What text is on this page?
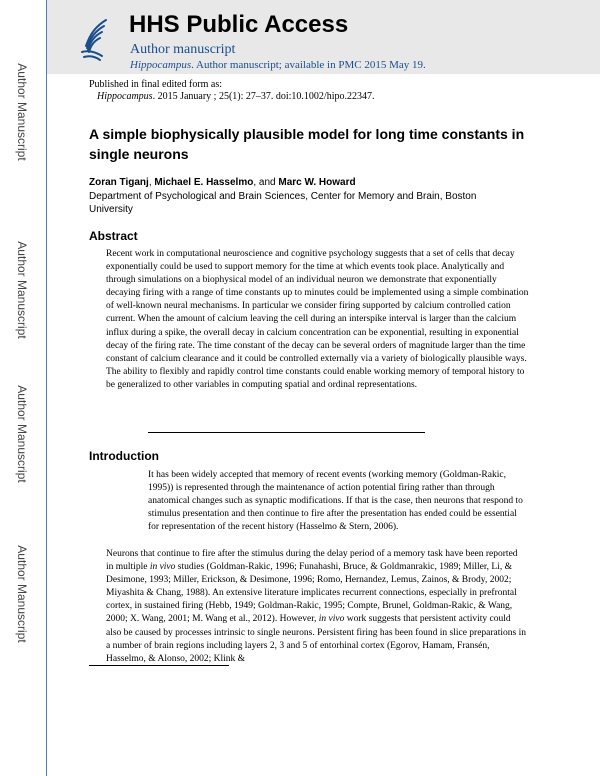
Author Manuscript
Author Manuscript
Author Manuscript
Author Manuscript
HHS Public Access
Author manuscript
Hippocampus. Author manuscript; available in PMC 2015 May 19.
Published in final edited form as:
Hippocampus. 2015 January ; 25(1): 27–37. doi:10.1002/hipo.22347.
A simple biophysically plausible model for long time constants in single neurons
Zoran Tiganj, Michael E. Hasselmo, and Marc W. Howard
Department of Psychological and Brain Sciences, Center for Memory and Brain, Boston University
Abstract

Recent work in computational neuroscience and cognitive psychology suggests that a set of cells that decay exponentially could be used to support memory for the time at which events took place. Analytically and through simulations on a biophysical model of an individual neuron we demonstrate that exponentially decaying firing with a range of time constants up to minutes could be implemented using a simple combination of well-known neural mechanisms. In particular we consider firing supported by calcium controlled cation current. When the amount of calcium leaving the cell during an interspike interval is larger than the calcium influx during a spike, the overall decay in calcium concentration can be exponential, resulting in exponential decay of the firing rate. The time constant of the decay can be several orders of magnitude larger than the time constant of calcium clearance and it could be controlled externally via a variety of biologically plausible ways. The ability to flexibly and rapidly control time constants could enable working memory of temporal history to be generalized to other variables in computing spatial and ordinal representations.

Introduction

It has been widely accepted that memory of recent events (working memory (Goldman-Rakic, 1995)) is represented through the maintenance of action potential firing rather than through anatomical changes such as synaptic modifications. If that is the case, then neurons that respond to stimulus presentation and then continue to fire after the presentation has ended could be essential for representation of the recent history (Hasselmo & Stern, 2006).

Neurons that continue to fire after the stimulus during the delay period of a memory task have been reported in multiple in vivo studies (Goldman-Rakic, 1996; Funahashi, Bruce, & Goldmanrakic, 1989; Miller, Li, & Desimone, 1993; Miller, Erickson, & Desimone, 1996; Romo, Hernandez, Lemus, Zainos, & Brody, 2002; Miyashita & Chang, 1988). An extensive literature implicates recurrent connections, especially in prefrontal cortex, in sustained firing (Hebb, 1949; Goldman-Rakic, 1995; Compte, Brunel, Goldman-Rakic, & Wang, 2000; X. Wang, 2001; M. Wang et al., 2012). However, in vivo work suggests that persistent activity could also be caused by processes intrinsic to single neurons. Persistent firing has been found in slice preparations in a number of brain regions including layers 2, 3 and 5 of entorhinal cortex (Egorov, Hamam, Fransén, Hasselmo, & Alonso, 2002; Klink &
